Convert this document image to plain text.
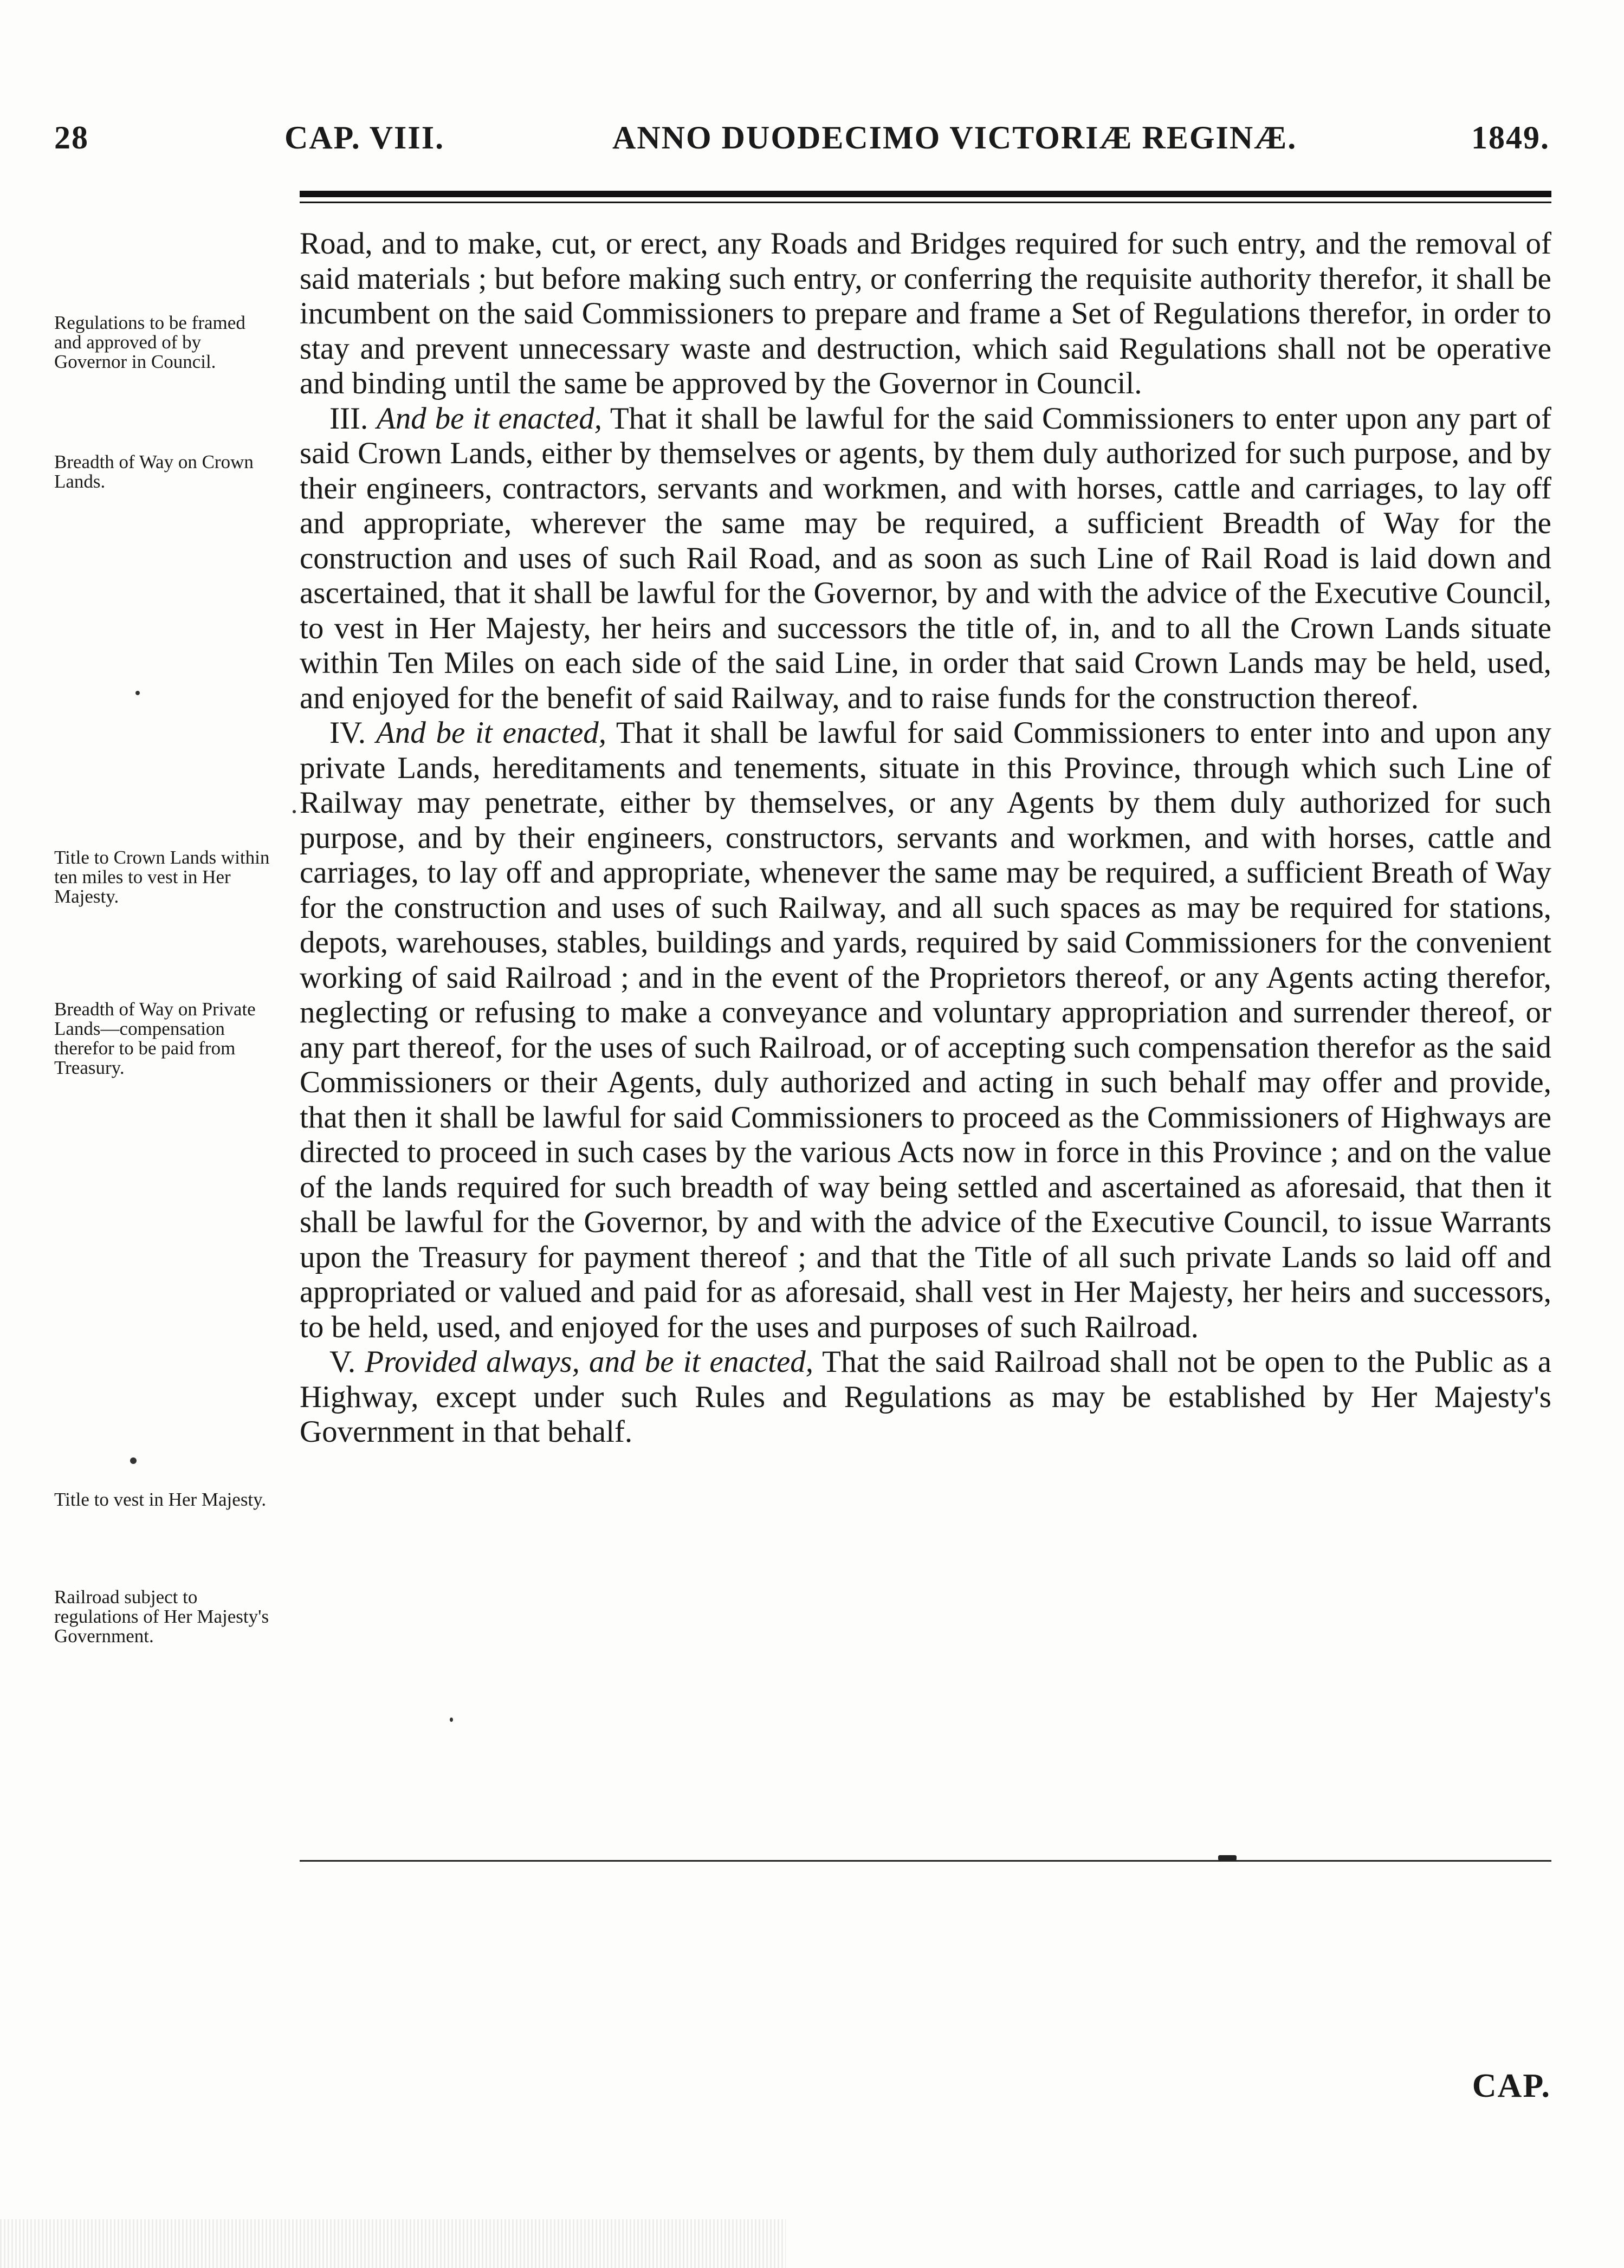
28	CAP. VIII.	ANNO DUODECIMO VICTORIÆ REGINÆ.	1849.
Regulations to be framed and approved of by Governor in Council.
Breadth of Way on Crown Lands.
Title to Crown Lands within ten miles to vest in Her Majesty.
Breadth of Way on Private Lands—compensation therefor to be paid from Treasury.
Title to vest in Her Majesty.
Railroad subject to regulations of Her Majesty's Government.

Road, and to make, cut, or erect, any Roads and Bridges required for such entry, and the removal of said materials ; but before making such entry, or conferring the requisite authority therefor, it shall be incumbent on the said Commissioners to prepare and frame a Set of Regulations therefor, in order to stay and prevent unnecessary waste and destruction, which said Regulations shall not be operative and binding until the same be approved by the Governor in Council.

III. And be it enacted, That it shall be lawful for the said Commissioners to enter upon any part of said Crown Lands, either by themselves or agents, by them duly authorized for such purpose, and by their engineers, contractors, servants and workmen, and with horses, cattle and carriages, to lay off and appropriate, wherever the same may be required, a sufficient Breadth of Way for the construction and uses of such Rail Road, and as soon as such Line of Rail Road is laid down and ascertained, that it shall be lawful for the Governor, by and with the advice of the Executive Council, to vest in Her Majesty, her heirs and successors the title of, in, and to all the Crown Lands situate within Ten Miles on each side of the said Line, in order that said Crown Lands may be held, used, and enjoyed for the benefit of said Railway, and to raise funds for the construction thereof.

IV. And be it enacted, That it shall be lawful for said Commissioners to enter into and upon any private Lands, hereditaments and tenements, situate in this Province, through which such Line of Railway may penetrate, either by themselves, or any Agents by them duly authorized for such purpose, and by their engineers, constructors, servants and workmen, and with horses, cattle and carriages, to lay off and appropriate, whenever the same may be required, a sufficient Breath of Way for the construction and uses of such Railway, and all such spaces as may be required for stations, depots, warehouses, stables, buildings and yards, required by said Commissioners for the convenient working of said Railroad ; and in the event of the Proprietors thereof, or any Agents acting therefor, neglecting or refusing to make a conveyance and voluntary appropriation and surrender thereof, or any part thereof, for the uses of such Railroad, or of accepting such compensation therefor as the said Commissioners or their Agents, duly authorized and acting in such behalf may offer and provide, that then it shall be lawful for said Commissioners to proceed as the Commissioners of Highways are directed to proceed in such cases by the various Acts now in force in this Province ; and on the value of the lands required for such breadth of way being settled and ascertained as aforesaid, that then it shall be lawful for the Governor, by and with the advice of the Executive Council, to issue Warrants upon the Treasury for payment thereof ; and that the Title of all such private Lands so laid off and appropriated or valued and paid for as aforesaid, shall vest in Her Majesty, her heirs and successors, to be held, used, and enjoyed for the uses and purposes of such Railroad.

V. Provided always, and be it enacted, That the said Railroad shall not be open to the Public as a Highway, except under such Rules and Regulations as may be established by Her Majesty's Government in that behalf.

CAP.
